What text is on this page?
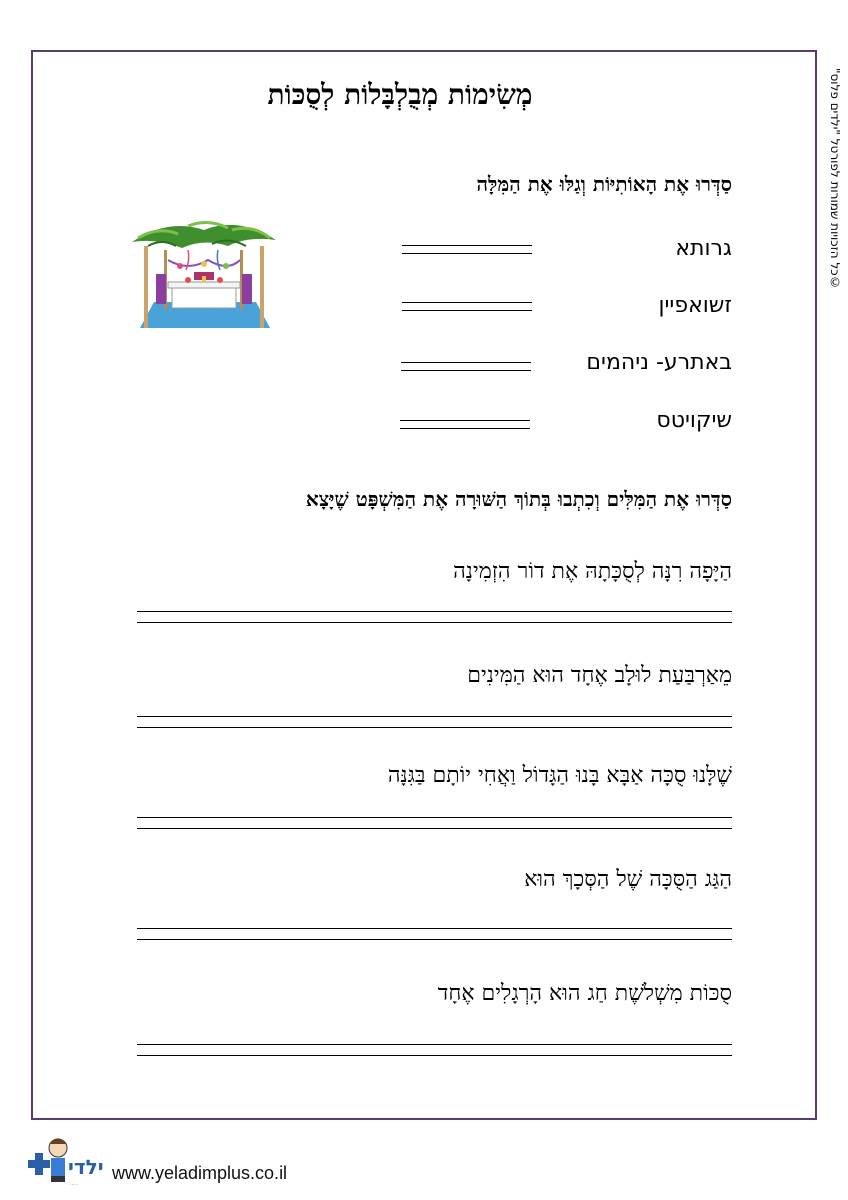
©כל הזכויות שמורות לפורטל "ילדים פלוס"
מְשִׂימוֹת מְבֻלְבָּלוֹת לְסֻכּוֹת
סַדְּרוּ אֶת הָאוֹתִיּוֹת וְגַלּוּ אֶת הַמִּלָּה
גרותא
זשואפיין
באתרע- ניהמים
שיקויטס
סַדְּרוּ אֶת הַמִּלִּים וְכִתְבוּ בְּתוֹךְ הַשּׁוּרָה אֶת הַמִּשְׁפָּט שֶׁיָּצָא
הַיָּפָה רִנָּה לְסֻכָּתָהּ אֶת דוֹר הִזְמִינָה
מֵאַרְבַּעַת לוּלָב אֶחָד הוּא הַמִּינִים
שֶׁלָּנוּ סֻכָּה אַבָּא בָּנוּ הַגָּדוֹל וַאֲחִי יוֹתָם בַּגִּנָּה
הַגַּג הַסֻּכָּה שֶׁל הַסְּכָךְ הוּא
סֻכּוֹת מִשְׁלֹשֶׁת חַג הוּא הָרְגָלִים אֶחָד
ילדי
·····
www.yeladimplus.co.il
